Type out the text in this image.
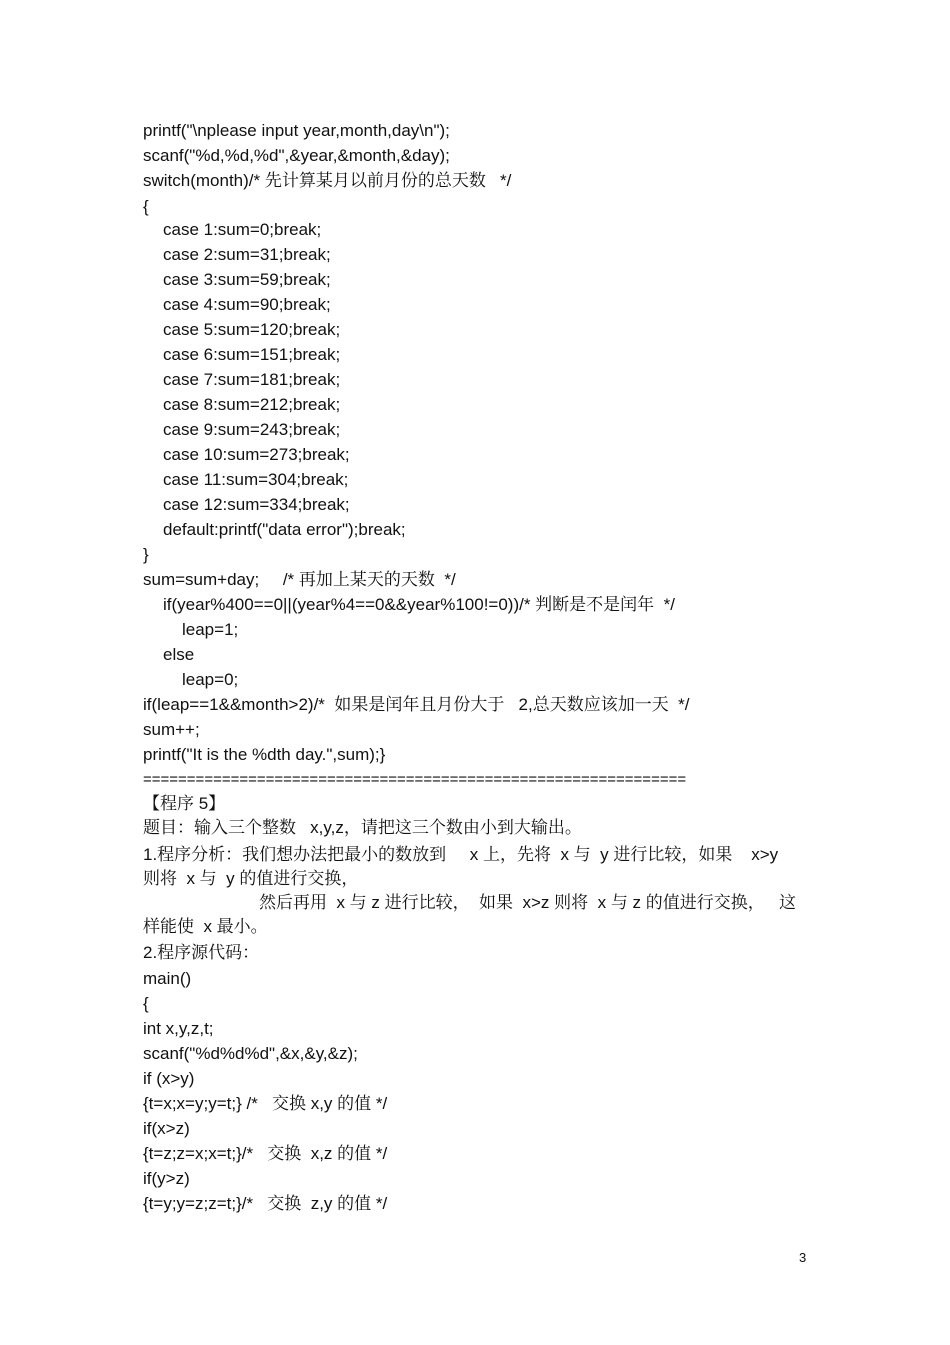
printf("\nplease input year,month,day\n");
scanf("%d,%d,%d",&year,&month,&day);
switch(month)/* 先计算某月以前月份的总天数   */
{
case 1:sum=0;break;
case 2:sum=31;break;
case 3:sum=59;break;
case 4:sum=90;break;
case 5:sum=120;break;
case 6:sum=151;break;
case 7:sum=181;break;
case 8:sum=212;break;
case 9:sum=243;break;
case 10:sum=273;break;
case 11:sum=304;break;
case 12:sum=334;break;
default:printf("data error");break;
}
sum=sum+day;     /* 再加上某天的天数  */
if(year%400==0||(year%4==0&&year%100!=0))/* 判断是不是闰年  */
leap=1;
else
leap=0;
if(leap==1&&month>2)/*  如果是闰年且月份大于   2,总天数应该加一天  */
sum++;
printf("It is the %dth day.",sum);}
==============================================================
【程序 5】
题目：输入三个整数   x,y,z，请把这三个数由小到大输出。
1.程序分析：我们想办法把最小的数放到     x 上，先将  x 与  y 进行比较，如果    x>y
则将  x 与  y 的值进行交换，
然后再用  x 与 z 进行比较，  如果  x>z 则将  x 与 z 的值进行交换，   这
样能使  x 最小。
2.程序源代码：
main()
{
int x,y,z,t;
scanf("%d%d%d",&x,&y,&z);
if (x>y)
{t=x;x=y;y=t;} /*   交换 x,y 的值 */
if(x>z)
{t=z;z=x;x=t;}/*   交换  x,z 的值 */
if(y>z)
{t=y;y=z;z=t;}/*   交换  z,y 的值 */
3
